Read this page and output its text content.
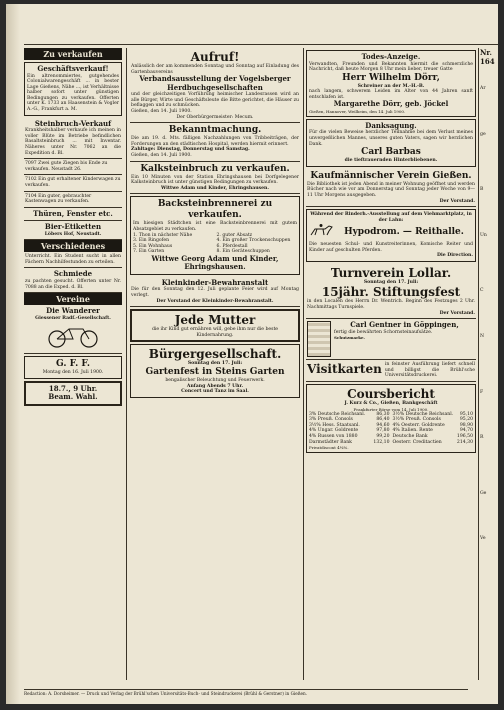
Zu verkaufen
Geschäftsverkauf!
Ein altrenommiertes, gutgehendes Colonialwarengeschäft ... in bester Lage Gießens, Nähe ..., ist Verhältnisse halber sofort unter günstigen Bedingungen zu verkaufen. Offerten unter K. 1733 an Haasenstein & Vogler A.-G., Frankfurt a. M.
Steinbruch-Verkauf
Krankheitshalber verkaufe ich meinen in voller Blüte im Betriebe befindlichen Basaltsteinbruch ... mit Inventar. Näheres unter Nr. 7062 an die Expedition d. Bl.
7097 Zwei gute Ziegen bis Ende zu verkaufen. Neustadt 26.
7102 Ein gut erhaltener Kinderwagen zu verkaufen.
7104 Ein guter, gebrauchter Kastenwagen zu verkaufen.
Thüren, Fenster etc.
Bier-Etiketten
Löbers Hof, Neustadt.
Verschiedenes
Unterricht. Ein Student sucht in allen Fächern Nachhilfestunden zu erteilen.
Schmiede
zu pachten gesucht. Offerten unter Nr. 7088 an die Exped. d. Bl.
Vereine
Die Wanderer
Giessener Radf.-Gesellschaft.
G. F. F.
Montag den 16. Juli 1900.
18.7., 9 Uhr.
Beam. Wahl.
Aufruf!
Anlässlich der am kommenden Sonntag und Sonntag auf Einladung des Gartenbauvereins
Verbandsausstellung der Vogelsberger Herdbuchgesellschaften
und der gleichzeitigen Vorführung heimischer Landesrassen wird an alle Bürger, Wirte und Geschäftsleute die Bitte gerichtet, die Häuser zu beflaggen und zu schmücken.
Gießen, den 14. Juli 1900.
Der Oberbürgermeister: Mecum.
Bekanntmachung.
Die am 19. d. Mts. fälligen Nachzahlungen von Tribbeiträgen, der Forderungen an den städtischen Hospital, werden hiermit erinnert.
Zahltage: Dienstag, Donnerstag und Samstag.
Gießen, den 14. Juli 1900.
Kalksteinbruch zu verkaufen.
Ein 10 Minuten von der Station Ehringshausen bei Dorfgelegener Kalksteinbruch ist unter günstigen Bedingungen zu verkaufen.
Wittwe Adam und Kinder, Ehringshausen.
Backsteinbrennerei zu verkaufen.
Im hiesigen Städtchen ist eine Backsteinbrennerei mit gutem Absatzgebiet zu verkaufen.
1. Thon in nächster Nähe	2. guter Absatz
3. Ein Ringofen	4. Ein großer Trockenschuppen
5. Ein Wohnhaus	6. Pferdestall
7. Ein Garten	8. Ein Geräteschuppen
Wittwe Georg Adam und Kinder, Ehringshausen.
Kleinkinder-Bewahranstalt
Die für den Sonntag den 12. Juli geplante Feier wird auf Montag verlegt.
Der Vorstand der Kleinkinder-Bewahranstalt.
Jede Mutter
die ihr Kind gut ernähren will, gebe ihm nur die beste Kindernahrung.
Bürgergesellschaft.
Sonntag den 17. Juli:
Gartenfest in Steins Garten
bengalischer Beleuchtung und Feuerwerk.
Anfang Abends 7 Uhr.
Concert und Tanz im Saal.
Todes-Anzeige.
Verwandten, Freunden und Bekannten hiermit die schmerzliche Nachricht, daß heute Morgen 8 Uhr mein lieber, treuer Gatte
Herr Wilhelm Dörr,
Schreiner an der M.-H.-B.
nach langem, schwerem Leiden im Alter von 44 Jahren sanft entschlafen ist.
Margarethe Dörr, geb. Jöckel
Gießen, Hannover, Weilheim, den 14. Juli 1900.
Danksagung.
Für die vielen Beweise herzlicher Teilnahme bei dem Verlust meines unvergeßlichen Mannes, unseres guten Vaters, sagen wir herzlichen Dank.
Carl Barbas
die tieftrauernden Hinterbliebenen.
Kaufmännischer Verein Gießen.
Die Bibliothek ist jeden Abend in meiner Wohnung geöffnet und werden Bücher nach wie vor am Donnerstag und Sonntag jeder Woche von 9—11 Uhr Morgens ausgegeben.
Der Vorstand.
Während der Rinderh.-Ausstellung auf dem Viehmarktplatz, in der Lahn:
Hypodrom. — Reithalle.
Die neuesten Schul- und Kunstreiterinnen, Komische Reiter und Kinder auf geschulten Pferden.
Die Direction.
Turnverein Lollar.
Sonntag den 17. Juli:
15jähr. Stiftungsfest
in den Localen des Herrn Dr. Wentrich. Beginn des Festzuges 2 Uhr. Nachmittags Turnspiele.
Der Vorstand.
Carl Gentner in Göppingen,
fertig die bewährten Schornsteinaufsätze.
Schutzmarke.
Visitkarten in feinster Ausführung liefert schnell und billigst die Brühl'sche Universitätsdruckerei.
Coursbericht
J. Kurz & Co., Gießen, Bankgeschäft
Frankfurter Börse vom 14. Juli 1900.
3% Deutsche Reichsanl. 86,30 3½% Deutsche Reichsanl. 95,10
3% Preuß. Consols	86,40 3½% Preuß. Consols	95,20
3½% Hess. Staatsanl.	94,60 4% Oesterr. Goldrente	98,90
4% Ungar. Goldrente	97,80 4% Italien. Rente	94,70
4% Russen von 1880	99,20 Deutsche Bank	196,50
Darmstädter Bank	132,10 Oesterr. Creditactien	214,30
Privatdiscont 4¼%.
Nr. 164
Ar
ge
B
Un
C
N
F
R
Ge
Ve
Redaction: A. Dorsheimer. — Druck und Verlag der Brühl'schen Universitäts-Buch- und Steindruckerei (Brühl & Gerstner) in Gießen.
